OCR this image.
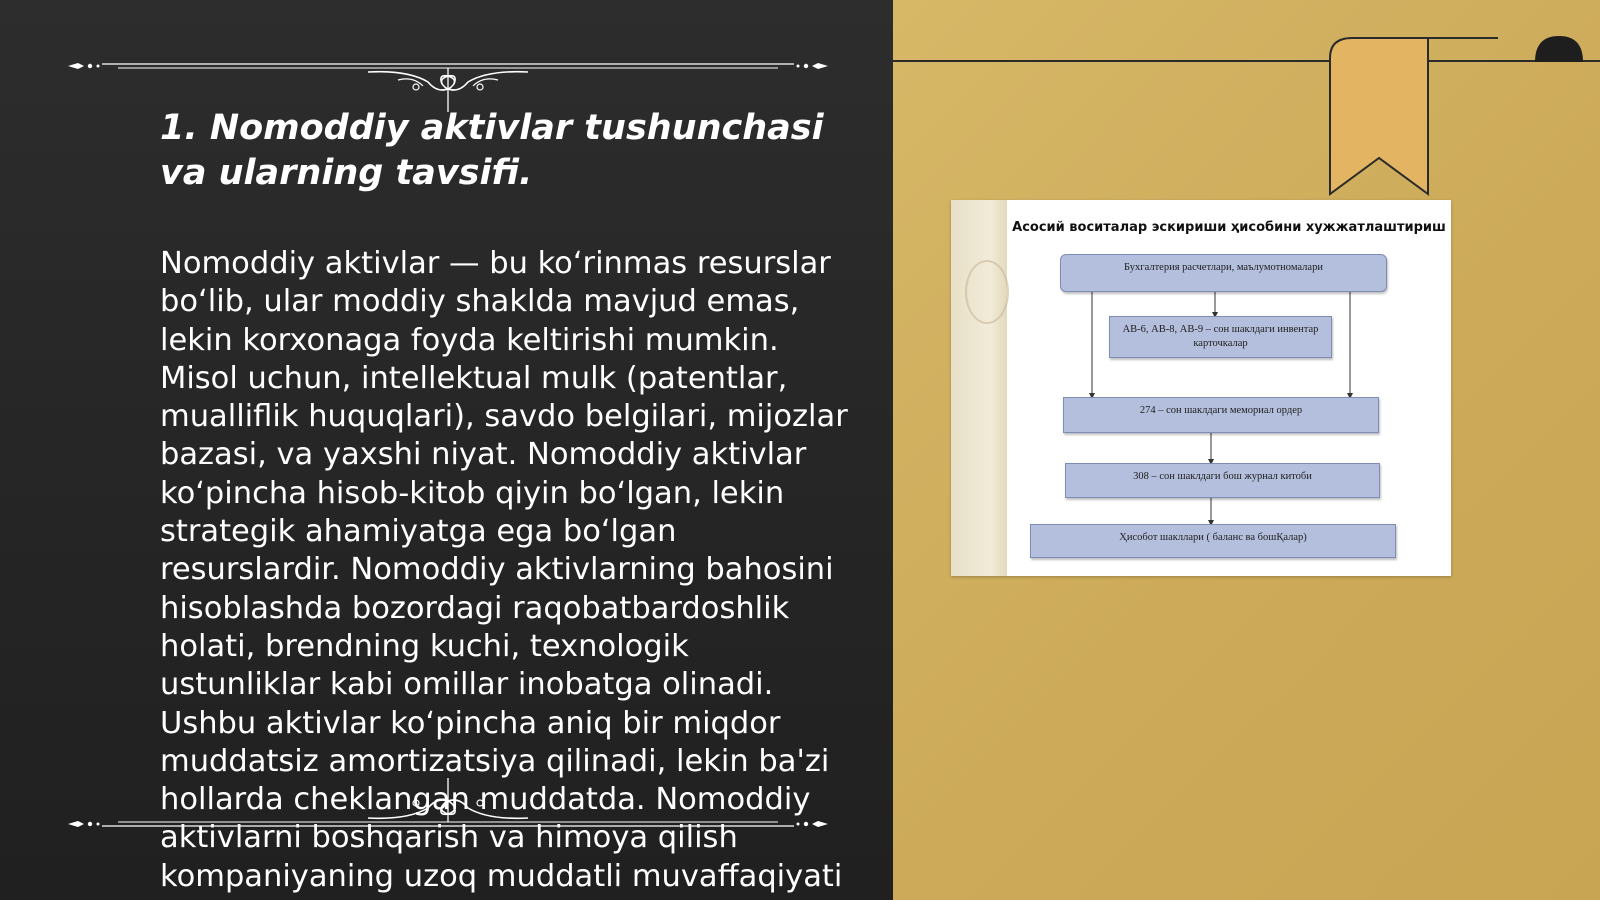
1. Nomoddiy aktivlar tushunchasi va ularning tavsifi.

Nomoddiy aktivlar — bu ko‘rinmas resurslar bo‘lib, ular moddiy shaklda mavjud emas, lekin korxonaga foyda keltirishi mumkin. Misol uchun, intellektual mulk (patentlar, mualliflik huquqlari), savdo belgilari, mijozlar bazasi, va yaxshi niyat. Nomoddiy aktivlar ko‘pincha hisob-kitob qiyin bo‘lgan, lekin strategik ahamiyatga ega bo‘lgan resurslardir. Nomoddiy aktivlarning bahosini hisoblashda bozordagi raqobatbardoshlik holati, brendning kuchi, texnologik ustunliklar kabi omillar inobatga olinadi. Ushbu aktivlar ko‘pincha aniq bir miqdor muddatsiz amortizatsiya qilinadi, lekin ba'zi hollarda cheklangan muddatda. Nomoddiy aktivlarni boshqarish va himoya qilish kompaniyaning uzoq muddatli muvaffaqiyati

Асосий воситалар эскириши ҳисобини хужжатлаштириш

Бухгалтерия расчетлари, маълумотномалари
АВ-6, АВ-8, АВ-9 – сон шаклдаги инвентар карточкалар
274 – сон шаклдаги мемориал ордер
308 – сон шаклдаги бош журнал китоби
Ҳисобот шакллари ( баланс ва бошҚалар)
